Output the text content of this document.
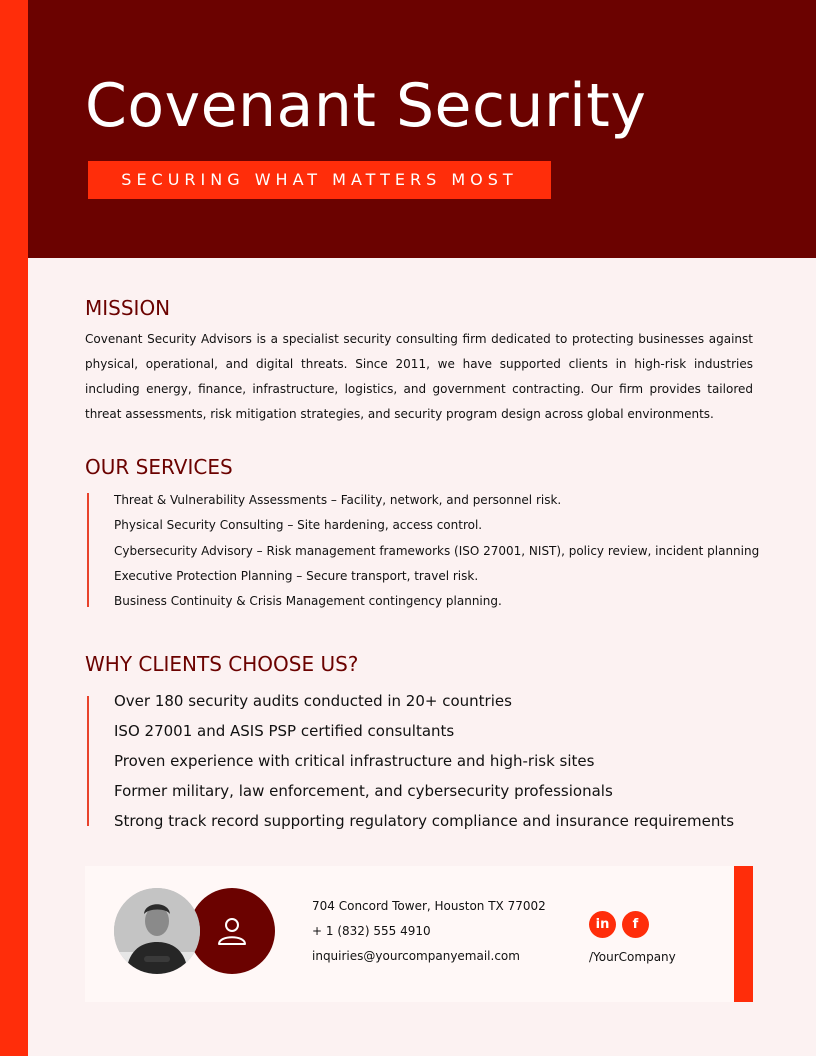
Covenant Security
SECURING WHAT MATTERS MOST
MISSION

Covenant Security Advisors is a specialist security consulting firm dedicated to protecting businesses against physical, operational, and digital threats. Since 2011, we have supported clients in high-risk industries including energy, finance, infrastructure, logistics, and government contracting. Our firm provides tailored threat assessments, risk mitigation strategies, and security program design across global environments.

OUR SERVICES
Threat & Vulnerability Assessments – Facility, network, and personnel risk.
Physical Security Consulting – Site hardening, access control.
Cybersecurity Advisory – Risk management frameworks (ISO 27001, NIST), policy review, incident planning
Executive Protection Planning – Secure transport, travel risk.
Business Continuity & Crisis Management contingency planning.
WHY CLIENTS CHOOSE US?
Over 180 security audits conducted in 20+ countries
ISO 27001 and ASIS PSP certified consultants
Proven experience with critical infrastructure and high-risk sites
Former military, law enforcement, and cybersecurity professionals
Strong track record supporting regulatory compliance and insurance requirements
704 Concord Tower, Houston TX 77002
+ 1 (832) 555 4910
inquiries@yourcompanyemail.com
in	f
/YourCompany
